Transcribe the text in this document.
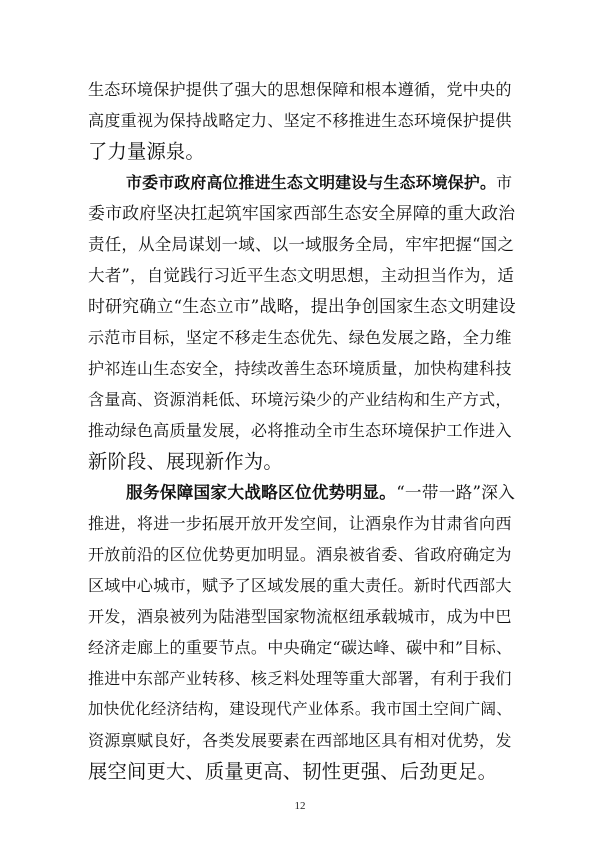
生态环境保护提供了强大的思想保障和根本遵循，党中央的
高度重视为保持战略定力、坚定不移推进生态环境保护提供
了力量源泉。
市委市政府高位推进生态文明建设与生态环境保护。市
委市政府坚决扛起筑牢国家西部生态安全屏障的重大政治
责任，从全局谋划一域、以一域服务全局，牢牢把握“国之
大者”，自觉践行习近平生态文明思想，主动担当作为，适
时研究确立“生态立市”战略，提出争创国家生态文明建设
示范市目标，坚定不移走生态优先、绿色发展之路，全力维
护祁连山生态安全，持续改善生态环境质量，加快构建科技
含量高、资源消耗低、环境污染少的产业结构和生产方式，
推动绿色高质量发展，必将推动全市生态环境保护工作进入
新阶段、展现新作为。
服务保障国家大战略区位优势明显。“一带一路”深入
推进，将进一步拓展开放开发空间，让酒泉作为甘肃省向西
开放前沿的区位优势更加明显。酒泉被省委、省政府确定为
区域中心城市，赋予了区域发展的重大责任。新时代西部大
开发，酒泉被列为陆港型国家物流枢纽承载城市，成为中巴
经济走廊上的重要节点。中央确定“碳达峰、碳中和”目标、
推进中东部产业转移、核乏料处理等重大部署，有利于我们
加快优化经济结构，建设现代产业体系。我市国土空间广阔、
资源禀赋良好，各类发展要素在西部地区具有相对优势，发
展空间更大、质量更高、韧性更强、后劲更足。
12
